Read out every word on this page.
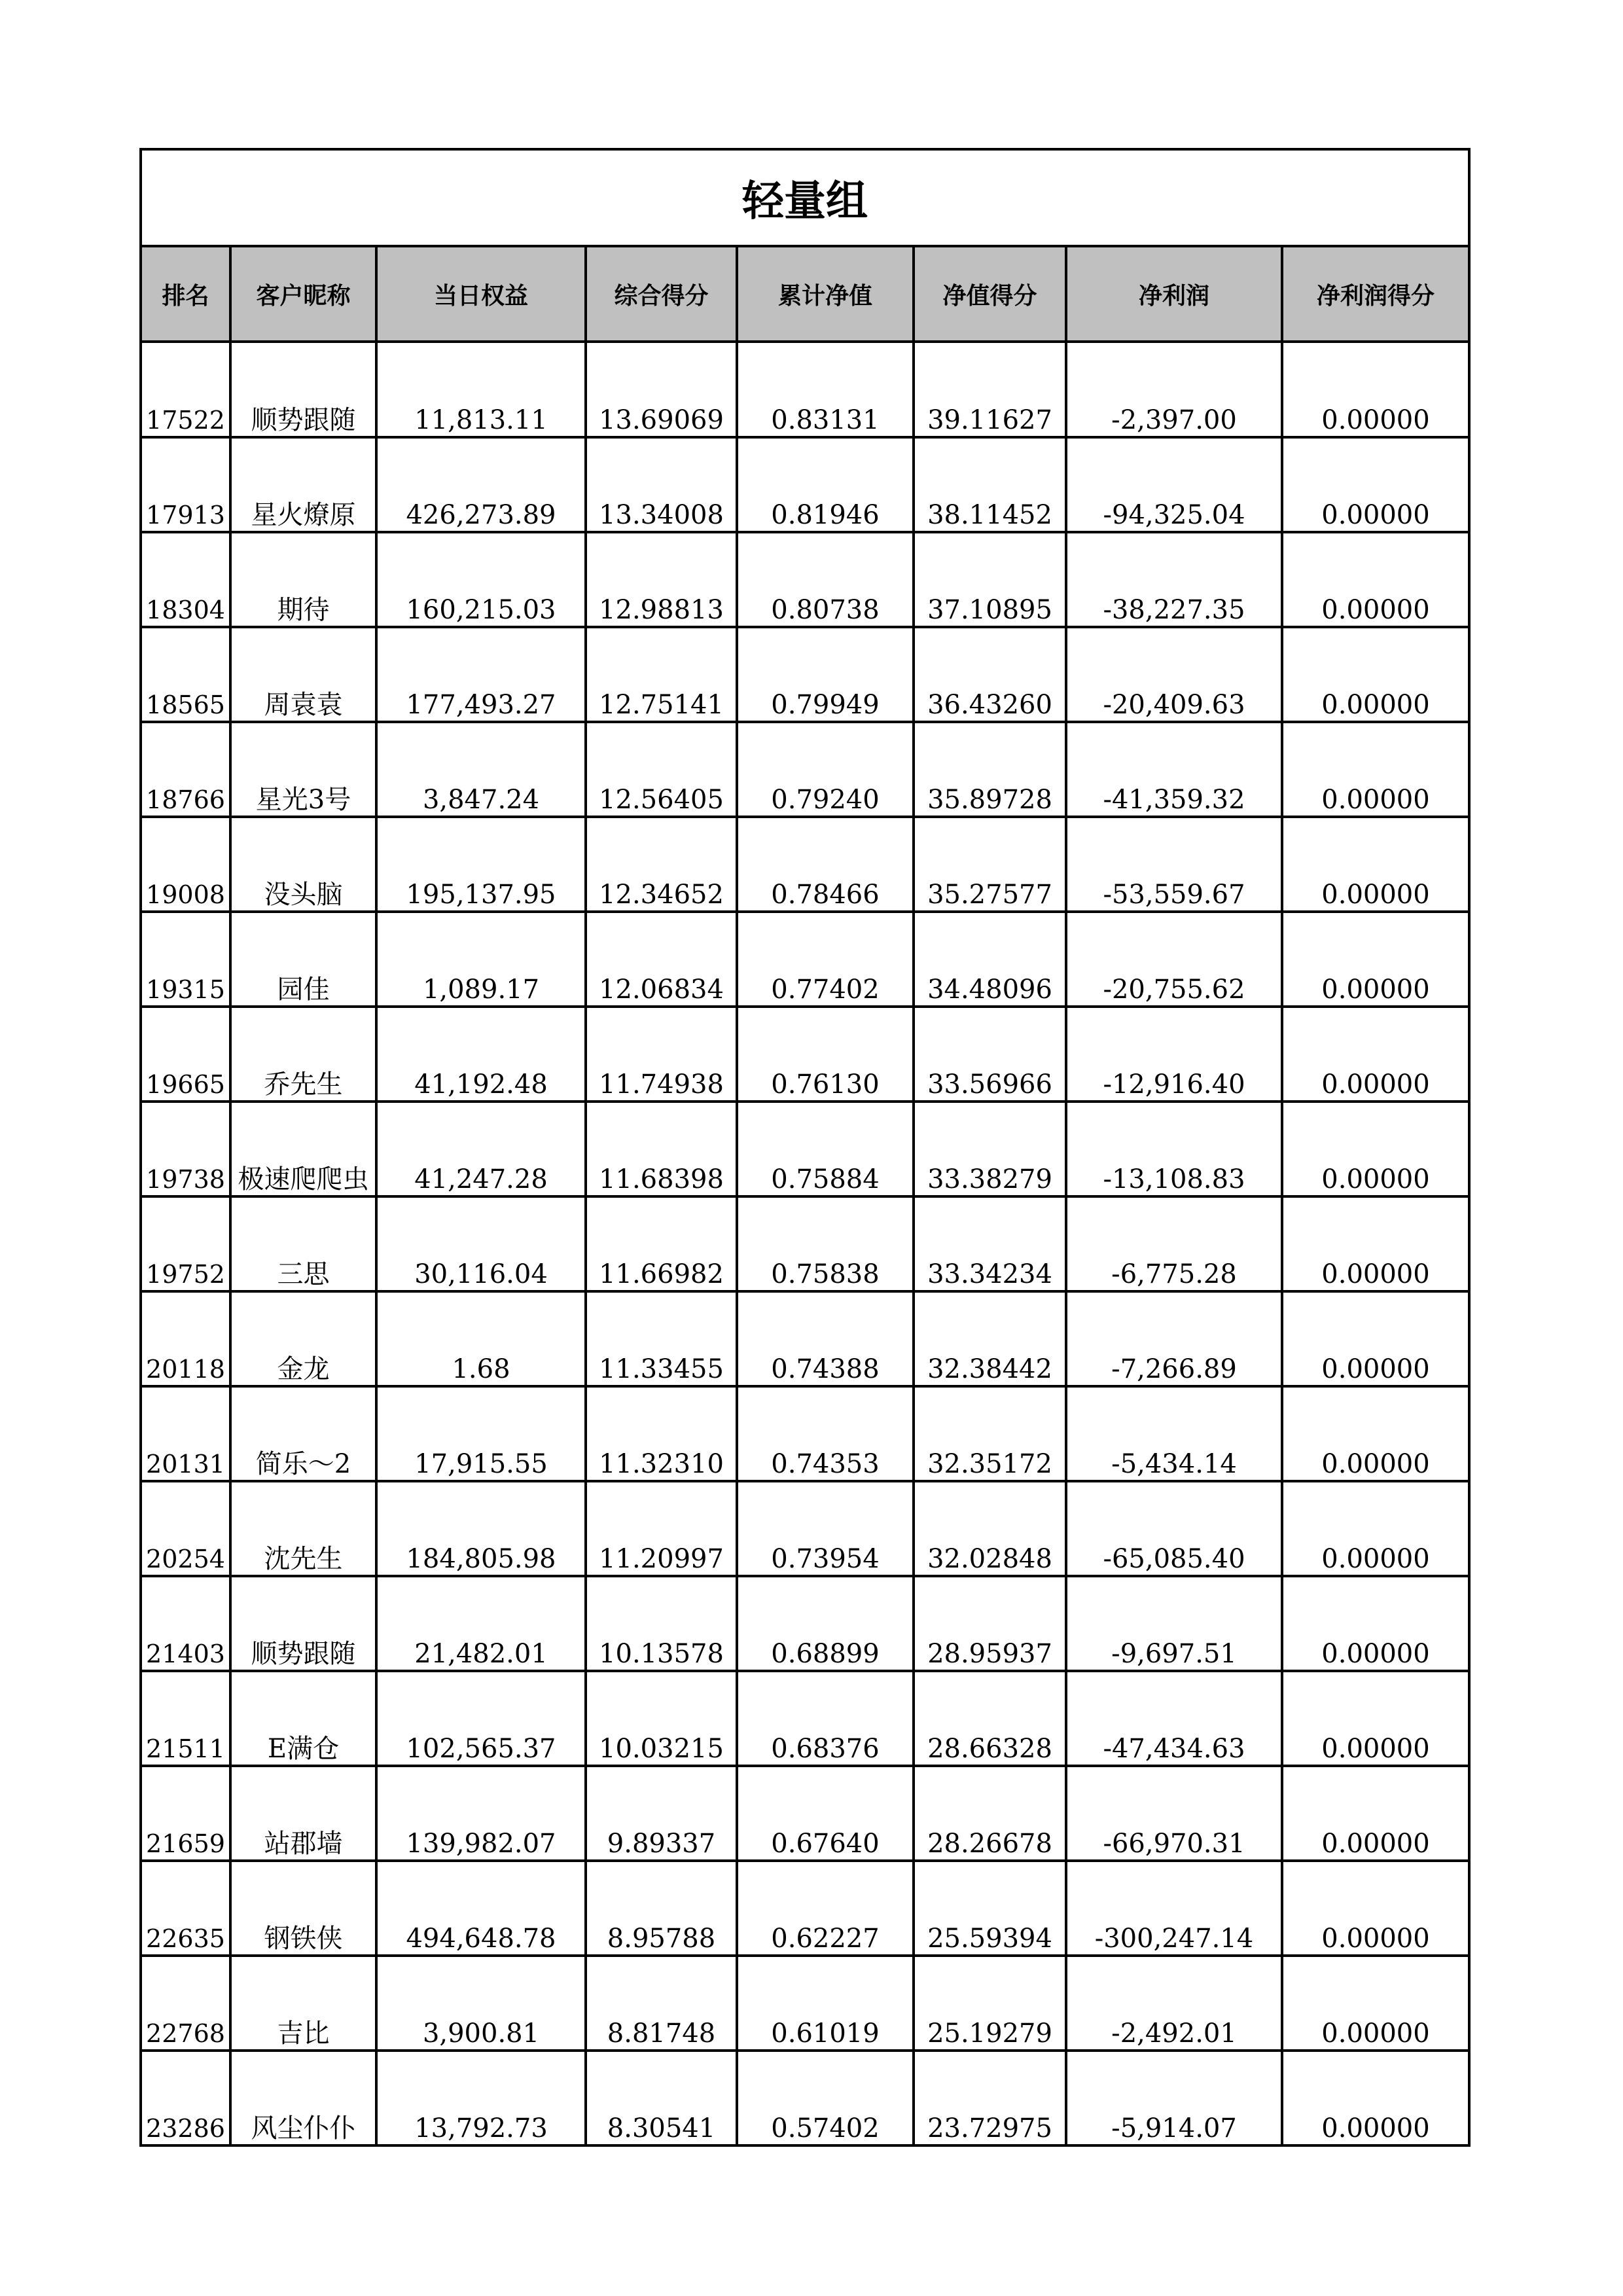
轻量组							
排名	客户昵称	当日权益	综合得分	累计净值	净值得分	净利润	净利润得分
17522	顺势跟随	11,813.11	13.69069	0.83131	39.11627	-2,397.00	0.00000
17913	星火燎原	426,273.89	13.34008	0.81946	38.11452	-94,325.04	0.00000
18304	期待	160,215.03	12.98813	0.80738	37.10895	-38,227.35	0.00000
18565	周袁袁	177,493.27	12.75141	0.79949	36.43260	-20,409.63	0.00000
18766	星光3号	3,847.24	12.56405	0.79240	35.89728	-41,359.32	0.00000
19008	没头脑	195,137.95	12.34652	0.78466	35.27577	-53,559.67	0.00000
19315	园佳	1,089.17	12.06834	0.77402	34.48096	-20,755.62	0.00000
19665	乔先生	41,192.48	11.74938	0.76130	33.56966	-12,916.40	0.00000
19738	极速爬爬虫	41,247.28	11.68398	0.75884	33.38279	-13,108.83	0.00000
19752	三思	30,116.04	11.66982	0.75838	33.34234	-6,775.28	0.00000
20118	金龙	1.68	11.33455	0.74388	32.38442	-7,266.89	0.00000
20131	简乐～2	17,915.55	11.32310	0.74353	32.35172	-5,434.14	0.00000
20254	沈先生	184,805.98	11.20997	0.73954	32.02848	-65,085.40	0.00000
21403	顺势跟随	21,482.01	10.13578	0.68899	28.95937	-9,697.51	0.00000
21511	E满仓	102,565.37	10.03215	0.68376	28.66328	-47,434.63	0.00000
21659	站郡墙	139,982.07	9.89337	0.67640	28.26678	-66,970.31	0.00000
22635	钢铁侠	494,648.78	8.95788	0.62227	25.59394	-300,247.14	0.00000
22768	吉比	3,900.81	8.81748	0.61019	25.19279	-2,492.01	0.00000
23286	风尘仆仆	13,792.73	8.30541	0.57402	23.72975	-5,914.07	0.00000
